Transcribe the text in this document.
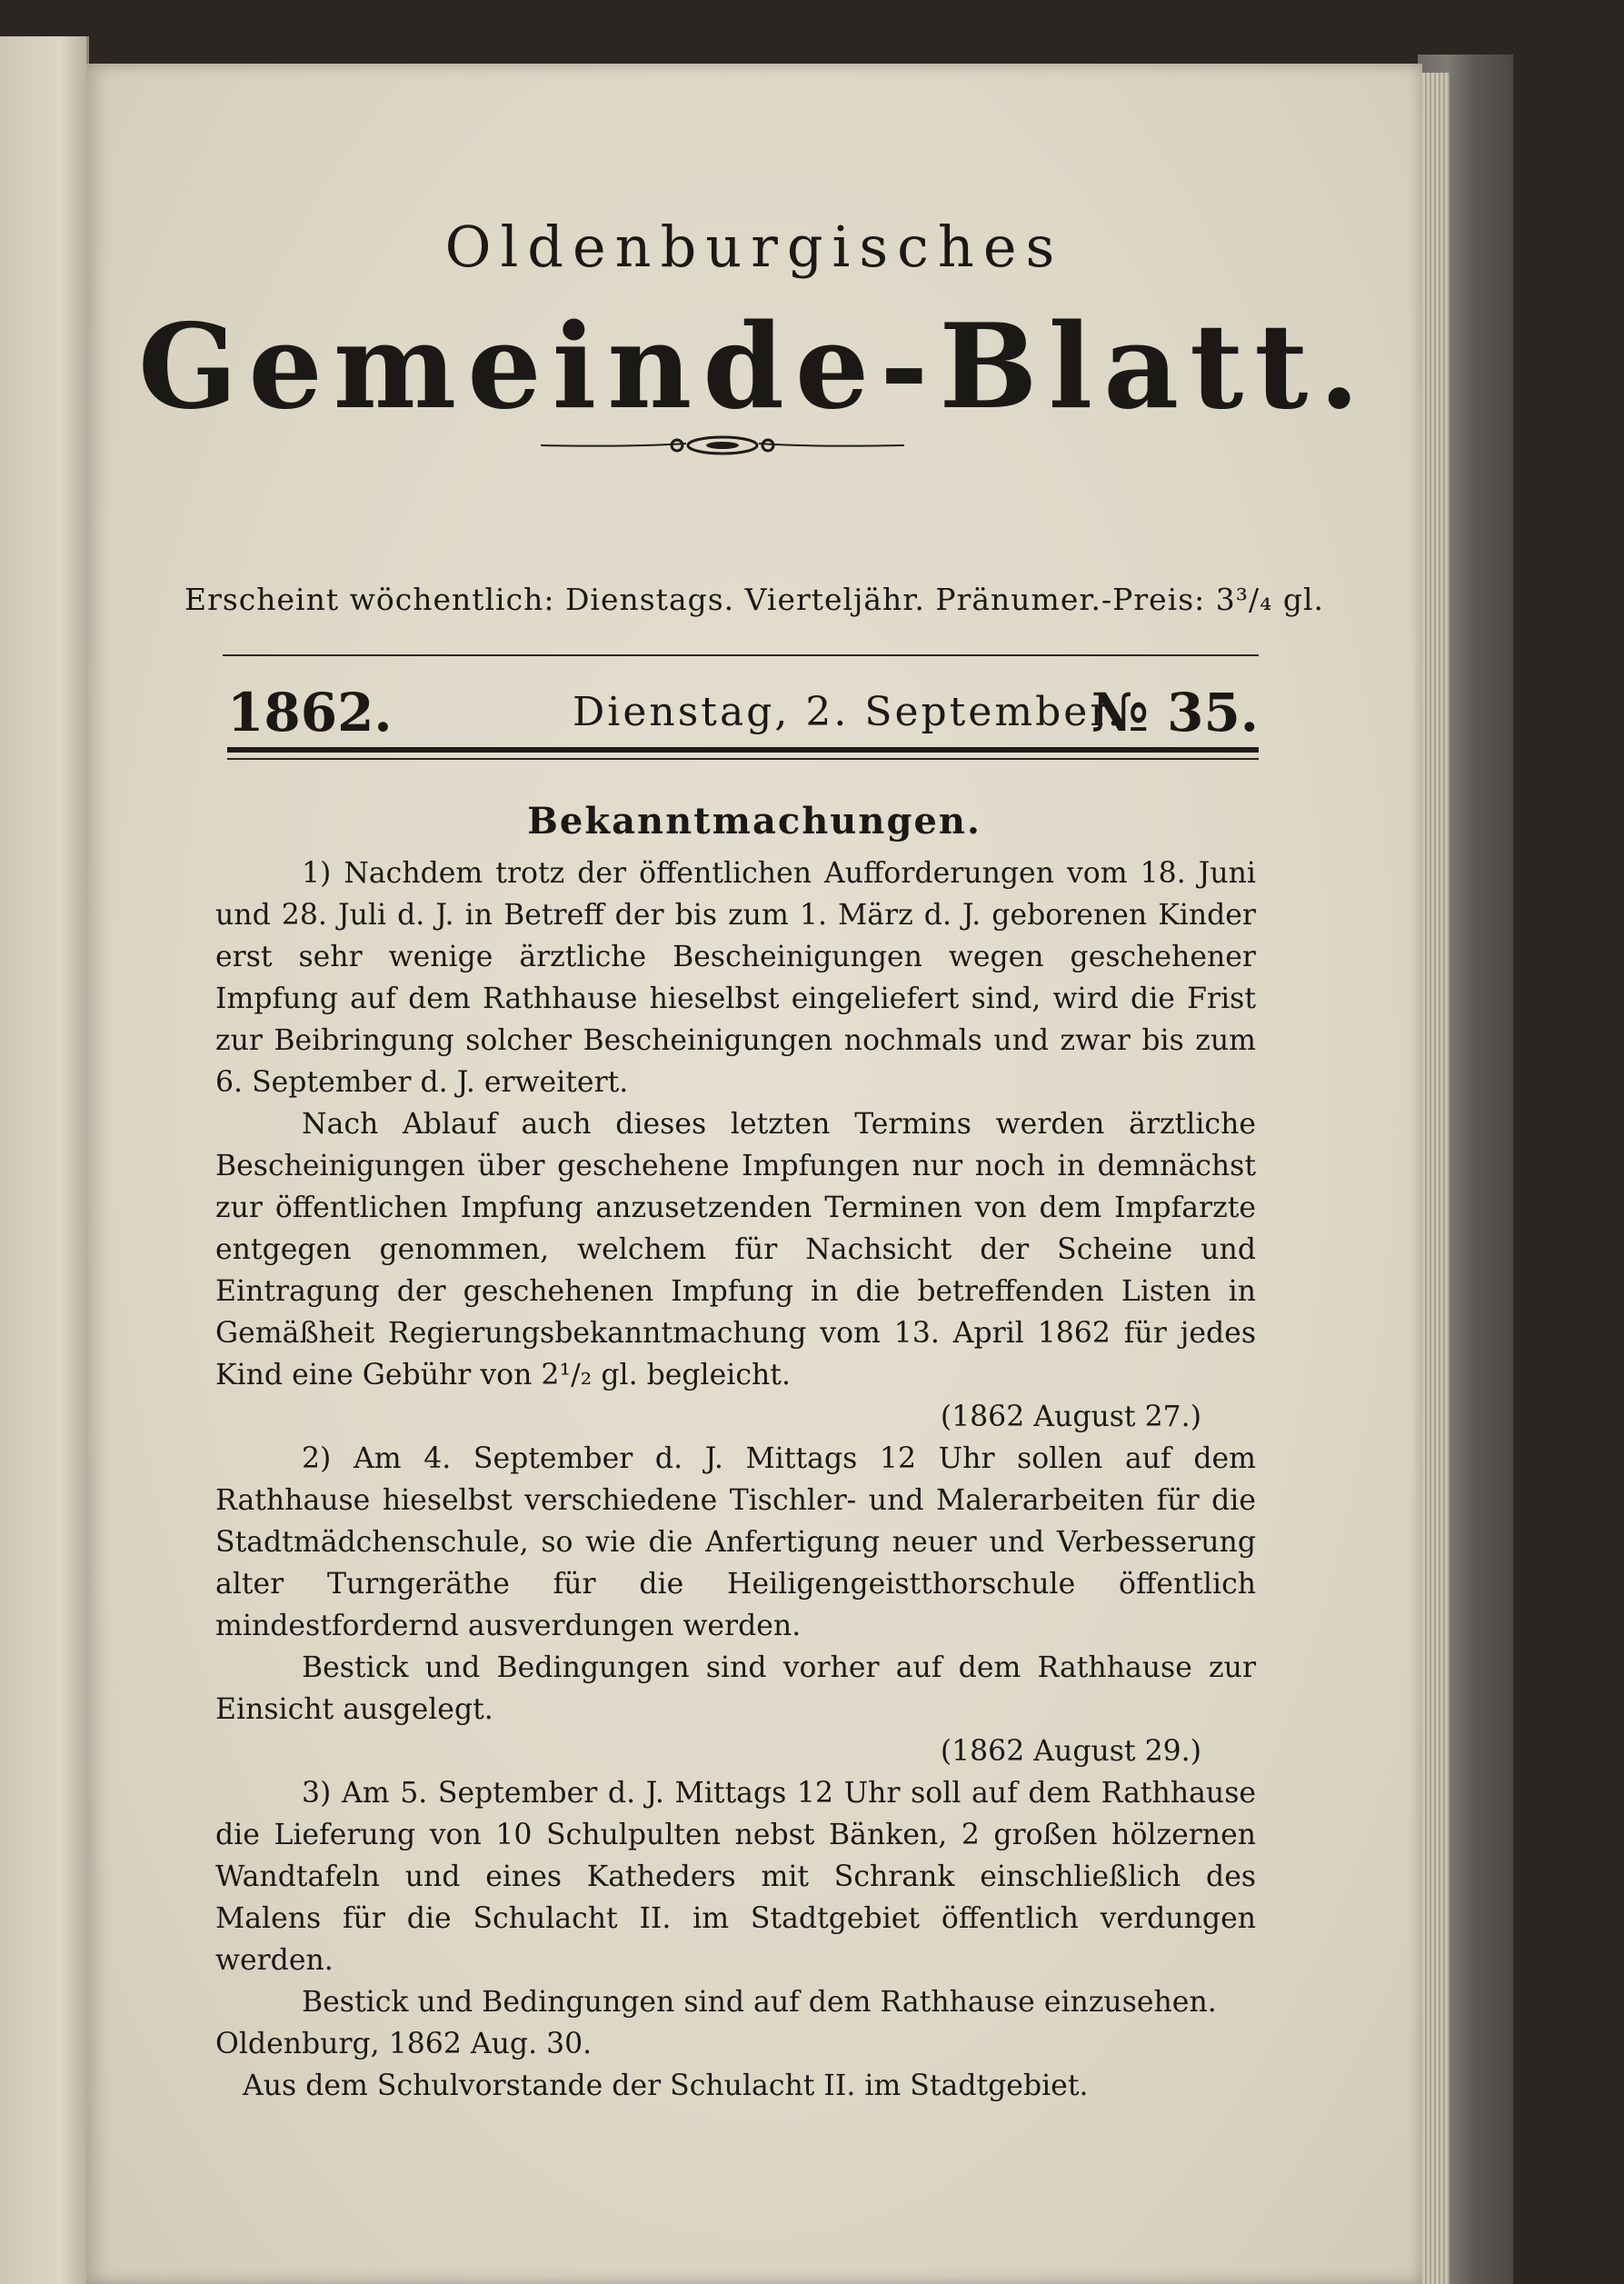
Oldenburgisches
Gemeinde-Blatt.
Erscheint wöchentlich: Dienstags. Vierteljähr. Pränumer.-Preis: 3³/₄ gl.
1862.	Dienstag, 2. September.
№ 35.
Bekanntmachungen.

1) Nachdem trotz der öffentlichen Aufforderungen vom 18. Juni und 28. Juli d. J. in Betreff der bis zum 1. März d. J. geborenen Kinder erst sehr wenige ärztliche Bescheinigungen wegen geschehener Impfung auf dem Rathhause hieselbst eingeliefert sind, wird die Frist zur Beibringung solcher Bescheinigungen nochmals und zwar bis zum 6. September d. J. erweitert.

Nach Ablauf auch dieses letzten Termins werden ärztliche Bescheinigungen über geschehene Impfungen nur noch in demnächst zur öffentlichen Impfung anzusetzenden Terminen von dem Impfarzte entgegen genommen, welchem für Nachsicht der Scheine und Eintragung der geschehenen Impfung in die betreffenden Listen in Gemäßheit Regierungsbekanntmachung vom 13. April 1862 für jedes Kind eine Gebühr von 2¹/₂ gl. begleicht.

(1862 August 27.)

2) Am 4. September d. J. Mittags 12 Uhr sollen auf dem Rathhause hieselbst verschiedene Tischler- und Malerarbeiten für die Stadtmädchenschule, so wie die Anfertigung neuer und Verbesserung alter Turngeräthe für die Heiligengeistthorschule öffentlich mindestfordernd ausverdungen werden.

Bestick und Bedingungen sind vorher auf dem Rathhause zur Einsicht ausgelegt.

(1862 August 29.)

3) Am 5. September d. J. Mittags 12 Uhr soll auf dem Rathhause die Lieferung von 10 Schulpulten nebst Bänken, 2 großen hölzernen Wandtafeln und eines Katheders mit Schrank einschließlich des Malens für die Schulacht II. im Stadtgebiet öffentlich verdungen werden.

Bestick und Bedingungen sind auf dem Rathhause einzusehen.

Oldenburg, 1862 Aug. 30.

Aus dem Schulvorstande der Schulacht II. im Stadtgebiet.
